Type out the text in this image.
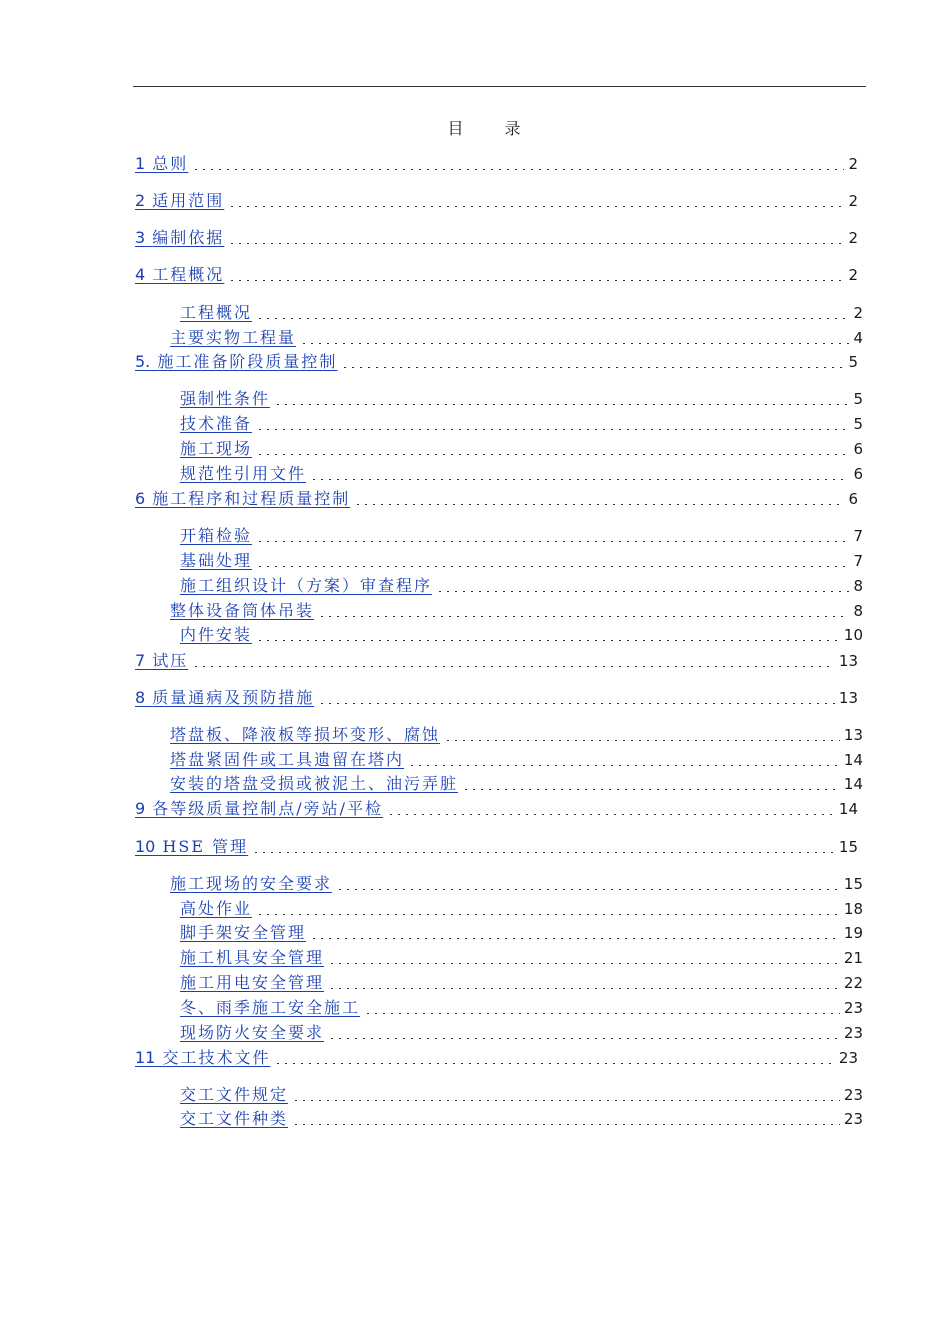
目 录
1 总则	2
2 适用范围	2
3 编制依据	2
4 工程概况	2
工程概况	2
主要实物工程量	4
5. 施工准备阶段质量控制	5
强制性条件	5
技术准备	5
施工现场	6
规范性引用文件	6
6 施工程序和过程质量控制	6
开箱检验	7
基础处理	7
施工组织设计（方案）审查程序	8
整体设备筒体吊装	8
内件安装	10
7 试压	13
8 质量通病及预防措施	13
塔盘板、降液板等损坏变形、腐蚀	13
塔盘紧固件或工具遗留在塔内	14
安装的塔盘受损或被泥土、油污弄脏	14
9 各等级质量控制点/旁站/平检	14
10 HSE 管理	15
施工现场的安全要求	15
高处作业	18
脚手架安全管理	19
施工机具安全管理	21
施工用电安全管理	22
冬、雨季施工安全施工	23
现场防火安全要求	23
11 交工技术文件	23
交工文件规定	23
交工文件种类	23
